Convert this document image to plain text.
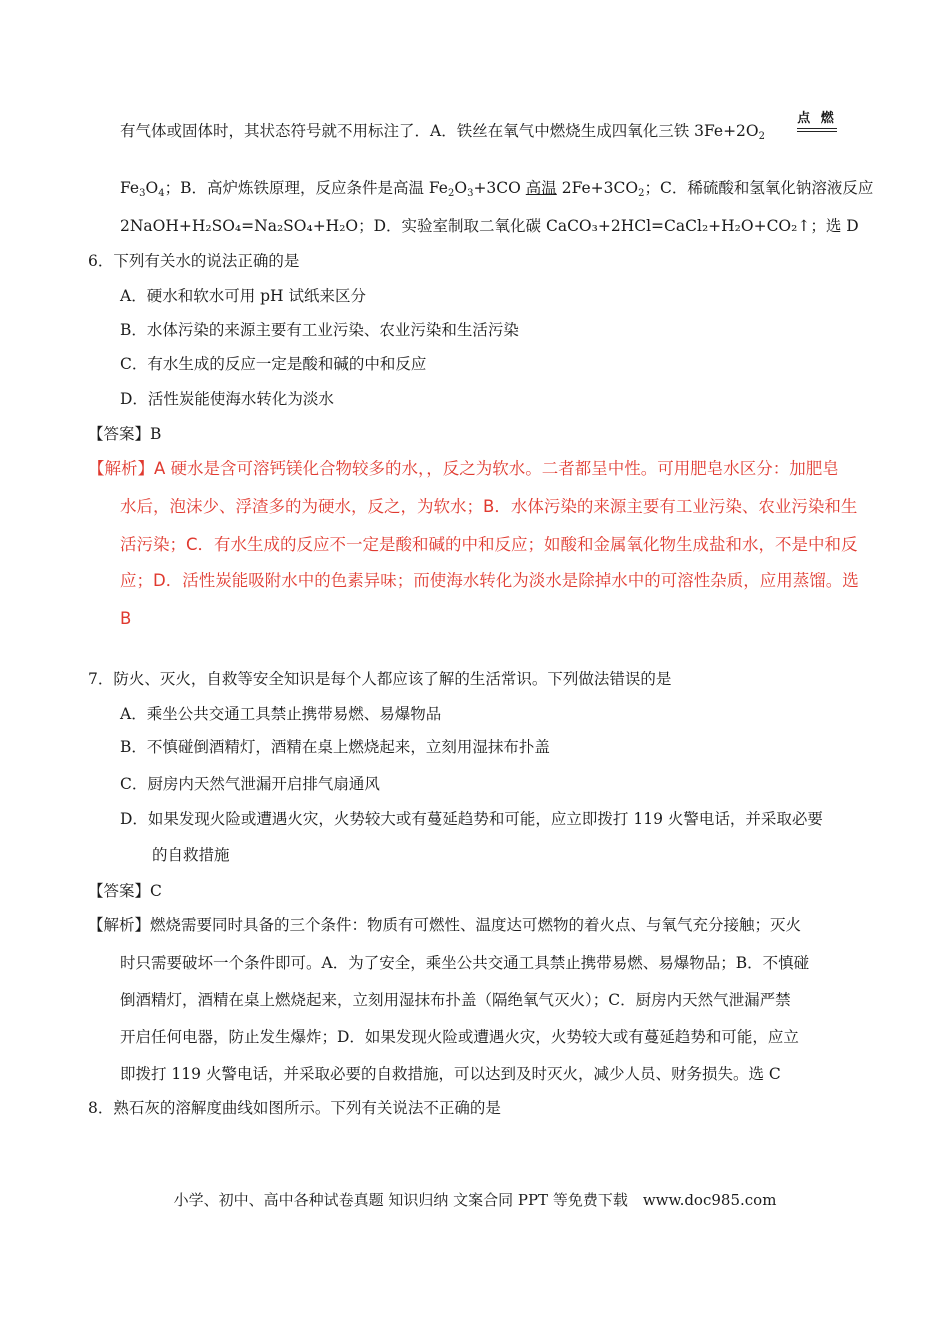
有气体或固体时，其状态符号就不用标注了．A．铁丝在氧气中燃烧生成四氧化三铁 $3Fe+2O_2$
点 燃
$Fe_3O_4$；B．高炉炼铁原理，反应条件是高温 $Fe_2O_3+3CO$ 高温 $2Fe+3CO_2$；C．稀硫酸和氢氧化钠溶液反应
2NaOH+H₂SO₄=Na₂SO₄+H₂O；D．实验室制取二氧化碳 CaCO₃+2HCl=CaCl₂+H₂O+CO₂↑；选 D
6．下列有关水的说法正确的是
A．硬水和软水可用 pH 试纸来区分
B．水体污染的来源主要有工业污染、农业污染和生活污染
C．有水生成的反应一定是酸和碱的中和反应
D．活性炭能使海水转化为淡水
【答案】B
【解析】A 硬水是含可溶钙镁化合物较多的水，，反之为软水。二者都呈中性。可用肥皂水区分：加肥皂
水后，泡沫少、浮渣多的为硬水，反之，为软水；B．水体污染的来源主要有工业污染、农业污染和生
活污染；C．有水生成的反应不一定是酸和碱的中和反应；如酸和金属氧化物生成盐和水，不是中和反
应；D．活性炭能吸附水中的色素异味；而使海水转化为淡水是除掉水中的可溶性杂质，应用蒸馏。选
B
7．防火、灭火，自救等安全知识是每个人都应该了解的生活常识。下列做法错误的是
A．乘坐公共交通工具禁止携带易燃、易爆物品
B．不慎碰倒酒精灯，酒精在桌上燃烧起来，立刻用湿抹布扑盖
C．厨房内天然气泄漏开启排气扇通风
D．如果发现火险或遭遇火灾，火势较大或有蔓延趋势和可能，应立即拨打 119 火警电话，并采取必要
的自救措施
【答案】C
【解析】燃烧需要同时具备的三个条件：物质有可燃性、温度达可燃物的着火点、与氧气充分接触；灭火
时只需要破坏一个条件即可。A．为了安全，乘坐公共交通工具禁止携带易燃、易爆物品；B．不慎碰
倒酒精灯，酒精在桌上燃烧起来，立刻用湿抹布扑盖（隔绝氧气灭火）；C．厨房内天然气泄漏严禁
开启任何电器，防止发生爆炸；D．如果发现火险或遭遇火灾，火势较大或有蔓延趋势和可能，应立
即拨打 119 火警电话，并采取必要的自救措施，可以达到及时灭火，减少人员、财务损失。选 C
8．熟石灰的溶解度曲线如图所示。下列有关说法不正确的是
小学、初中、高中各种试卷真题 知识归纳 文案合同 PPT 等免费下载　www.doc985.com
